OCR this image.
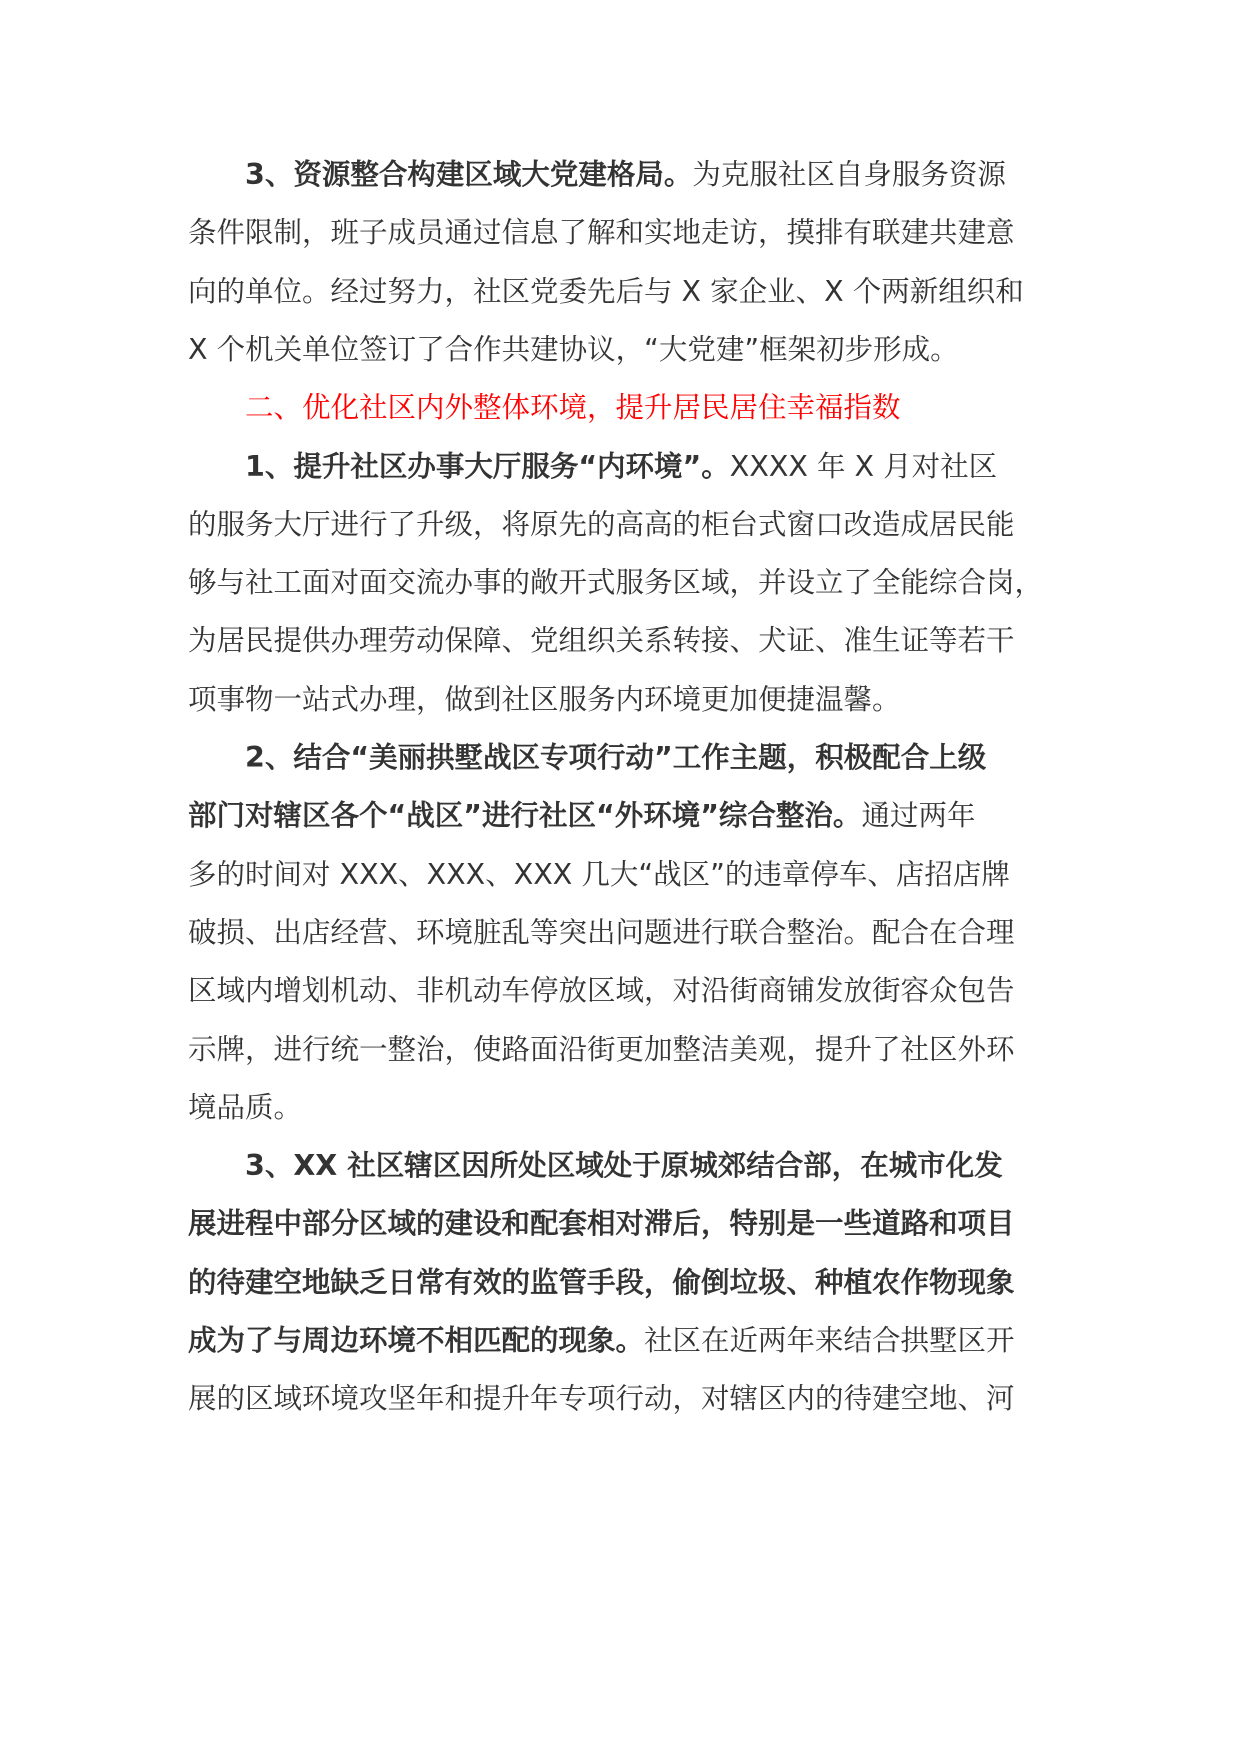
3、资源整合构建区域大党建格局。为克服社区自身服务资源

条件限制，班子成员通过信息了解和实地走访，摸排有联建共建意

向的单位。经过努力，社区党委先后与 X 家企业、X 个两新组织和

X 个机关单位签订了合作共建协议，“大党建”框架初步形成。

二、优化社区内外整体环境，提升居民居住幸福指数

1、提升社区办事大厅服务“内环境”。XXXX 年 X 月对社区

的服务大厅进行了升级，将原先的高高的柜台式窗口改造成居民能

够与社工面对面交流办事的敞开式服务区域，并设立了全能综合岗，

为居民提供办理劳动保障、党组织关系转接、犬证、准生证等若干

项事物一站式办理，做到社区服务内环境更加便捷温馨。

2、结合“美丽拱墅战区专项行动”工作主题，积极配合上级

部门对辖区各个“战区”进行社区“外环境”综合整治。通过两年

多的时间对 XXX、XXX、XXX 几大“战区”的违章停车、店招店牌

破损、出店经营、环境脏乱等突出问题进行联合整治。配合在合理

区域内增划机动、非机动车停放区域，对沿街商铺发放街容众包告

示牌，进行统一整治，使路面沿街更加整洁美观，提升了社区外环

境品质。

3、XX 社区辖区因所处区域处于原城郊结合部，在城市化发

展进程中部分区域的建设和配套相对滞后，特别是一些道路和项目

的待建空地缺乏日常有效的监管手段，偷倒垃圾、种植农作物现象

成为了与周边环境不相匹配的现象。社区在近两年来结合拱墅区开

展的区域环境攻坚年和提升年专项行动，对辖区内的待建空地、河
